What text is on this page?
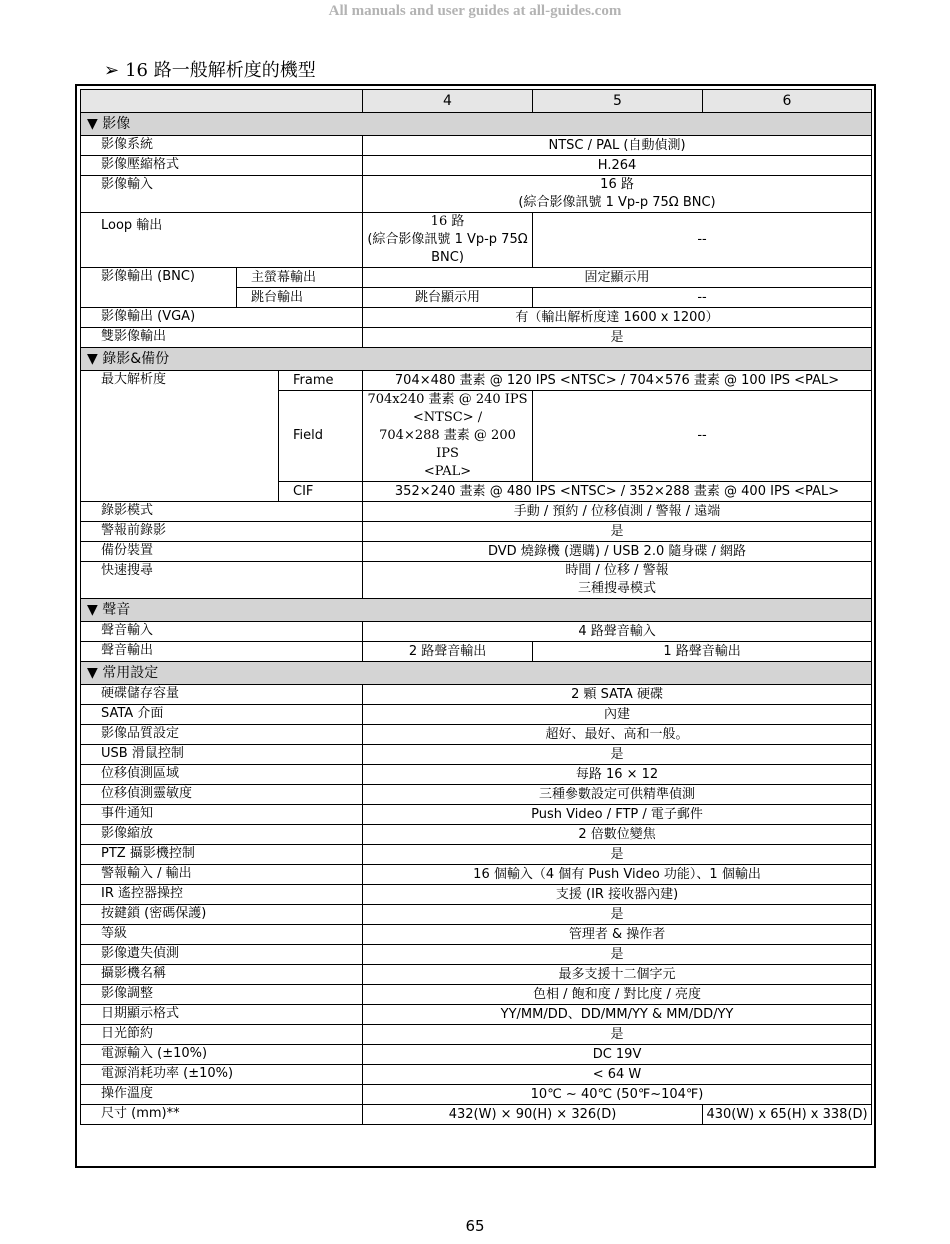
All manuals and user guides at all-guides.com
➢ 16 路一般解析度的機型
			4	5	6
▼ 影像					
影像系統			NTSC / PAL (自動偵測)		
影像壓縮格式			H.264		
影像輸入			16 路
(綜合影像訊號 1 Vp-p 75Ω BNC)		

Loop 輸出			16 路
(綜合影像訊號 1 Vp-p 75Ω
BNC)	--	
影像輸出 (BNC)	主螢幕輸出		固定顯示用		
	跳台輸出		跳台顯示用	--	
影像輸出 (VGA)			有（輸出解析度達 1600 x 1200）		
雙影像輸出			是		
▼ 錄影&備份					
最大解析度		Frame	704×480 畫素 @ 120 IPS <NTSC> / 704×576 畫素 @ 100 IPS <PAL>		
		Field	704x240 畫素 @ 240 IPS
<NTSC> /
704×288 畫素 @ 200 IPS
<PAL>	--	
		CIF	352×240 畫素 @ 480 IPS <NTSC> / 352×288 畫素 @ 400 IPS <PAL>		
錄影模式			手動 / 預約 / 位移偵測 / 警報 / 遠端		
警報前錄影			是		
備份裝置			DVD 燒錄機 (選購) / USB 2.0 隨身碟 / 網路		
快速搜尋			時間 / 位移 / 警報
三種搜尋模式		

▼ 聲音					
聲音輸入			4 路聲音輸入		
聲音輸出			2 路聲音輸出	1 路聲音輸出	
▼ 常用設定					
硬碟儲存容量			2 顆 SATA 硬碟		
SATA 介面			內建		
影像品質設定			超好、最好、高和一般。		
USB 滑鼠控制			是		
位移偵測區域			每路 16 × 12		
位移偵測靈敏度			三種參數設定可供精準偵測		
事件通知			Push Video / FTP / 電子郵件		
影像縮放			2 倍數位變焦		
PTZ 攝影機控制			是		
警報輸入 / 輸出			16 個輸入（4 個有 Push Video 功能）、1 個輸出		
IR 遙控器操控			支援 (IR 接收器內建)		
按鍵鎖 (密碼保護)			是		
等級			管理者 & 操作者		
影像遺失偵測			是		
攝影機名稱			最多支援十二個字元		
影像調整			色相 / 飽和度 / 對比度 / 亮度		
日期顯示格式			YY/MM/DD、DD/MM/YY & MM/DD/YY		
日光節約			是		
電源輸入 (±10%)			DC 19V		
電源消耗功率 (±10%)			< 64 W		
操作溫度			10℃ ~ 40℃ (50℉~104℉)		
尺寸 (mm)**			432(W) × 90(H) × 326(D)		430(W) x 65(H) x 338(D)
65
